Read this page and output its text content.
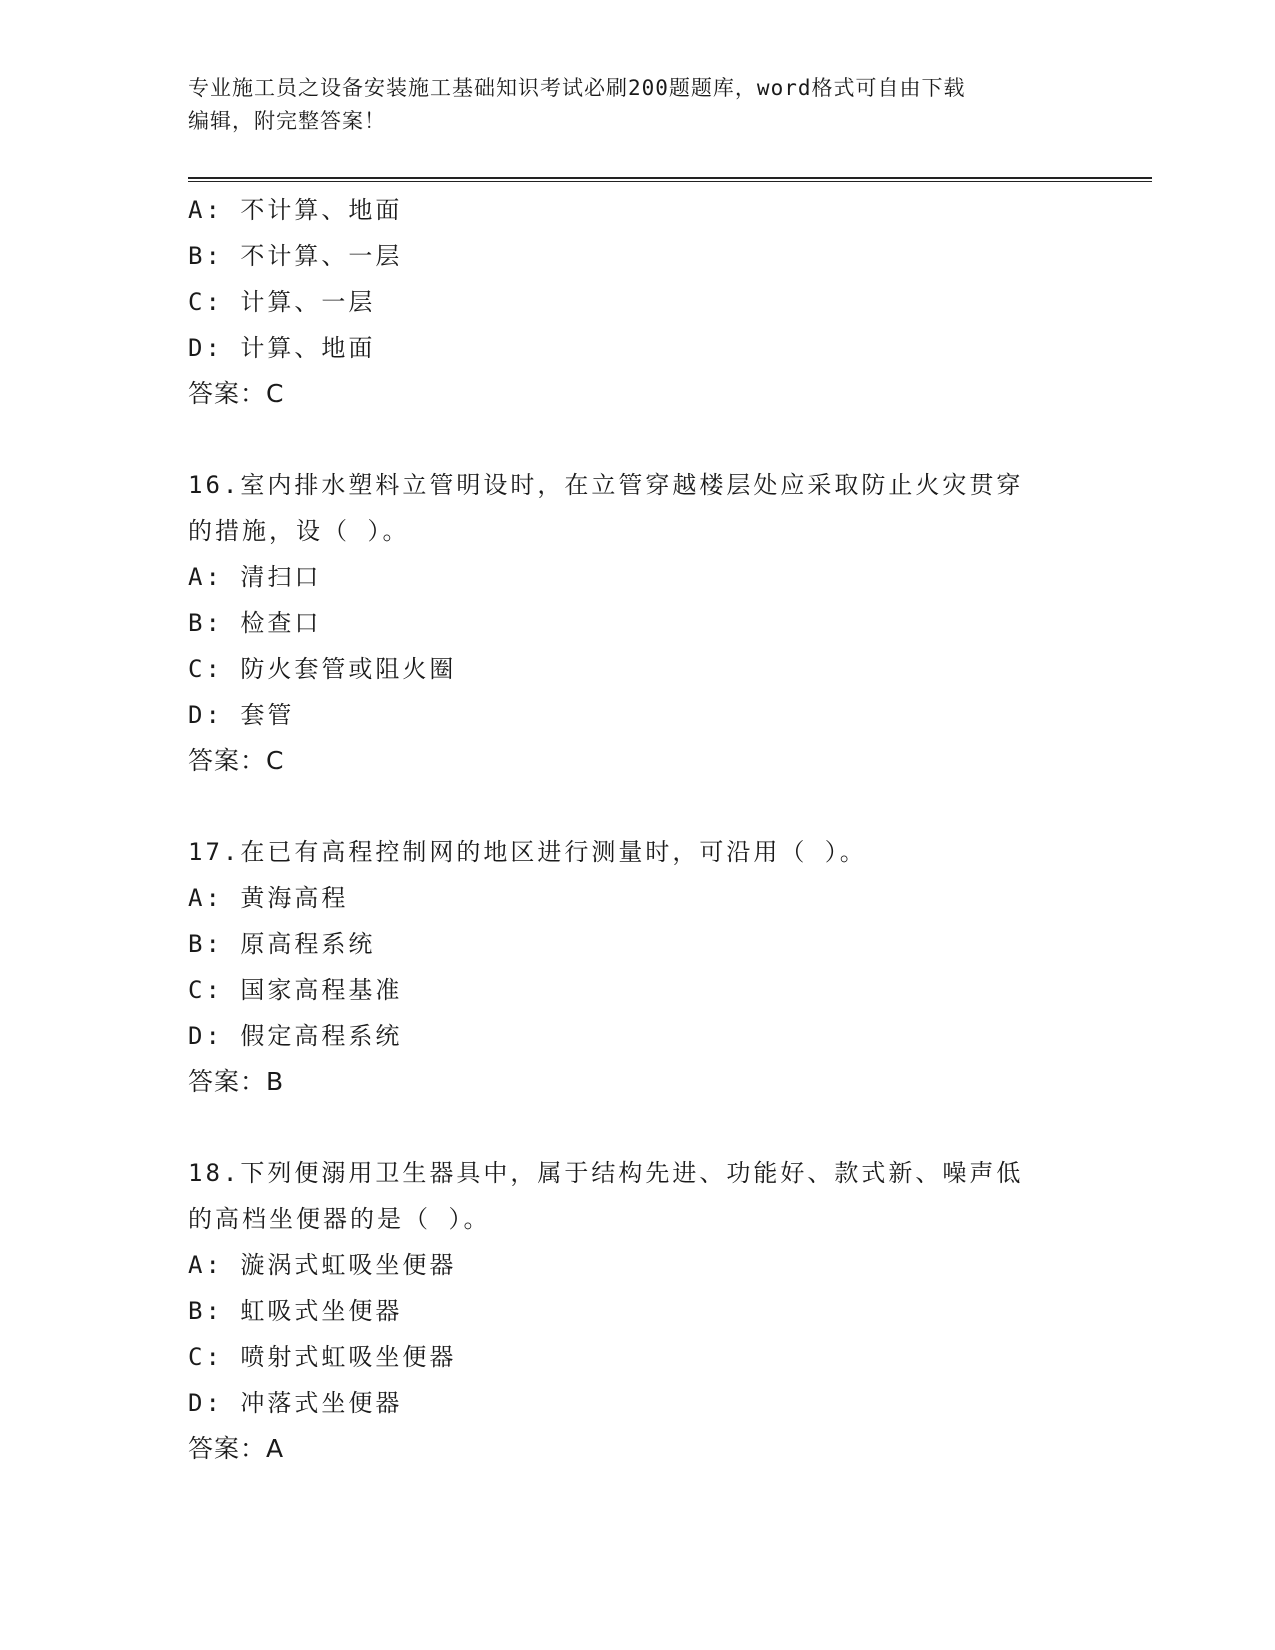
专业施工员之设备安装施工基础知识考试必刷200题题库，word格式可自由下载
编辑，附完整答案！
A: 不计算、地面
B: 不计算、一层
C: 计算、一层
D: 计算、地面
答案：C
16.室内排水塑料立管明设时，在立管穿越楼层处应采取防止火灾贯穿
的措施，设（ ）。
A: 清扫口
B: 检查口
C: 防火套管或阻火圈
D: 套管
答案：C
17.在已有高程控制网的地区进行测量时，可沿用（ ）。
A: 黄海高程
B: 原高程系统
C: 国家高程基准
D: 假定高程系统
答案：B
18.下列便溺用卫生器具中，属于结构先进、功能好、款式新、噪声低
的高档坐便器的是（ ）。
A: 漩涡式虹吸坐便器
B: 虹吸式坐便器
C: 喷射式虹吸坐便器
D: 冲落式坐便器
答案：A
